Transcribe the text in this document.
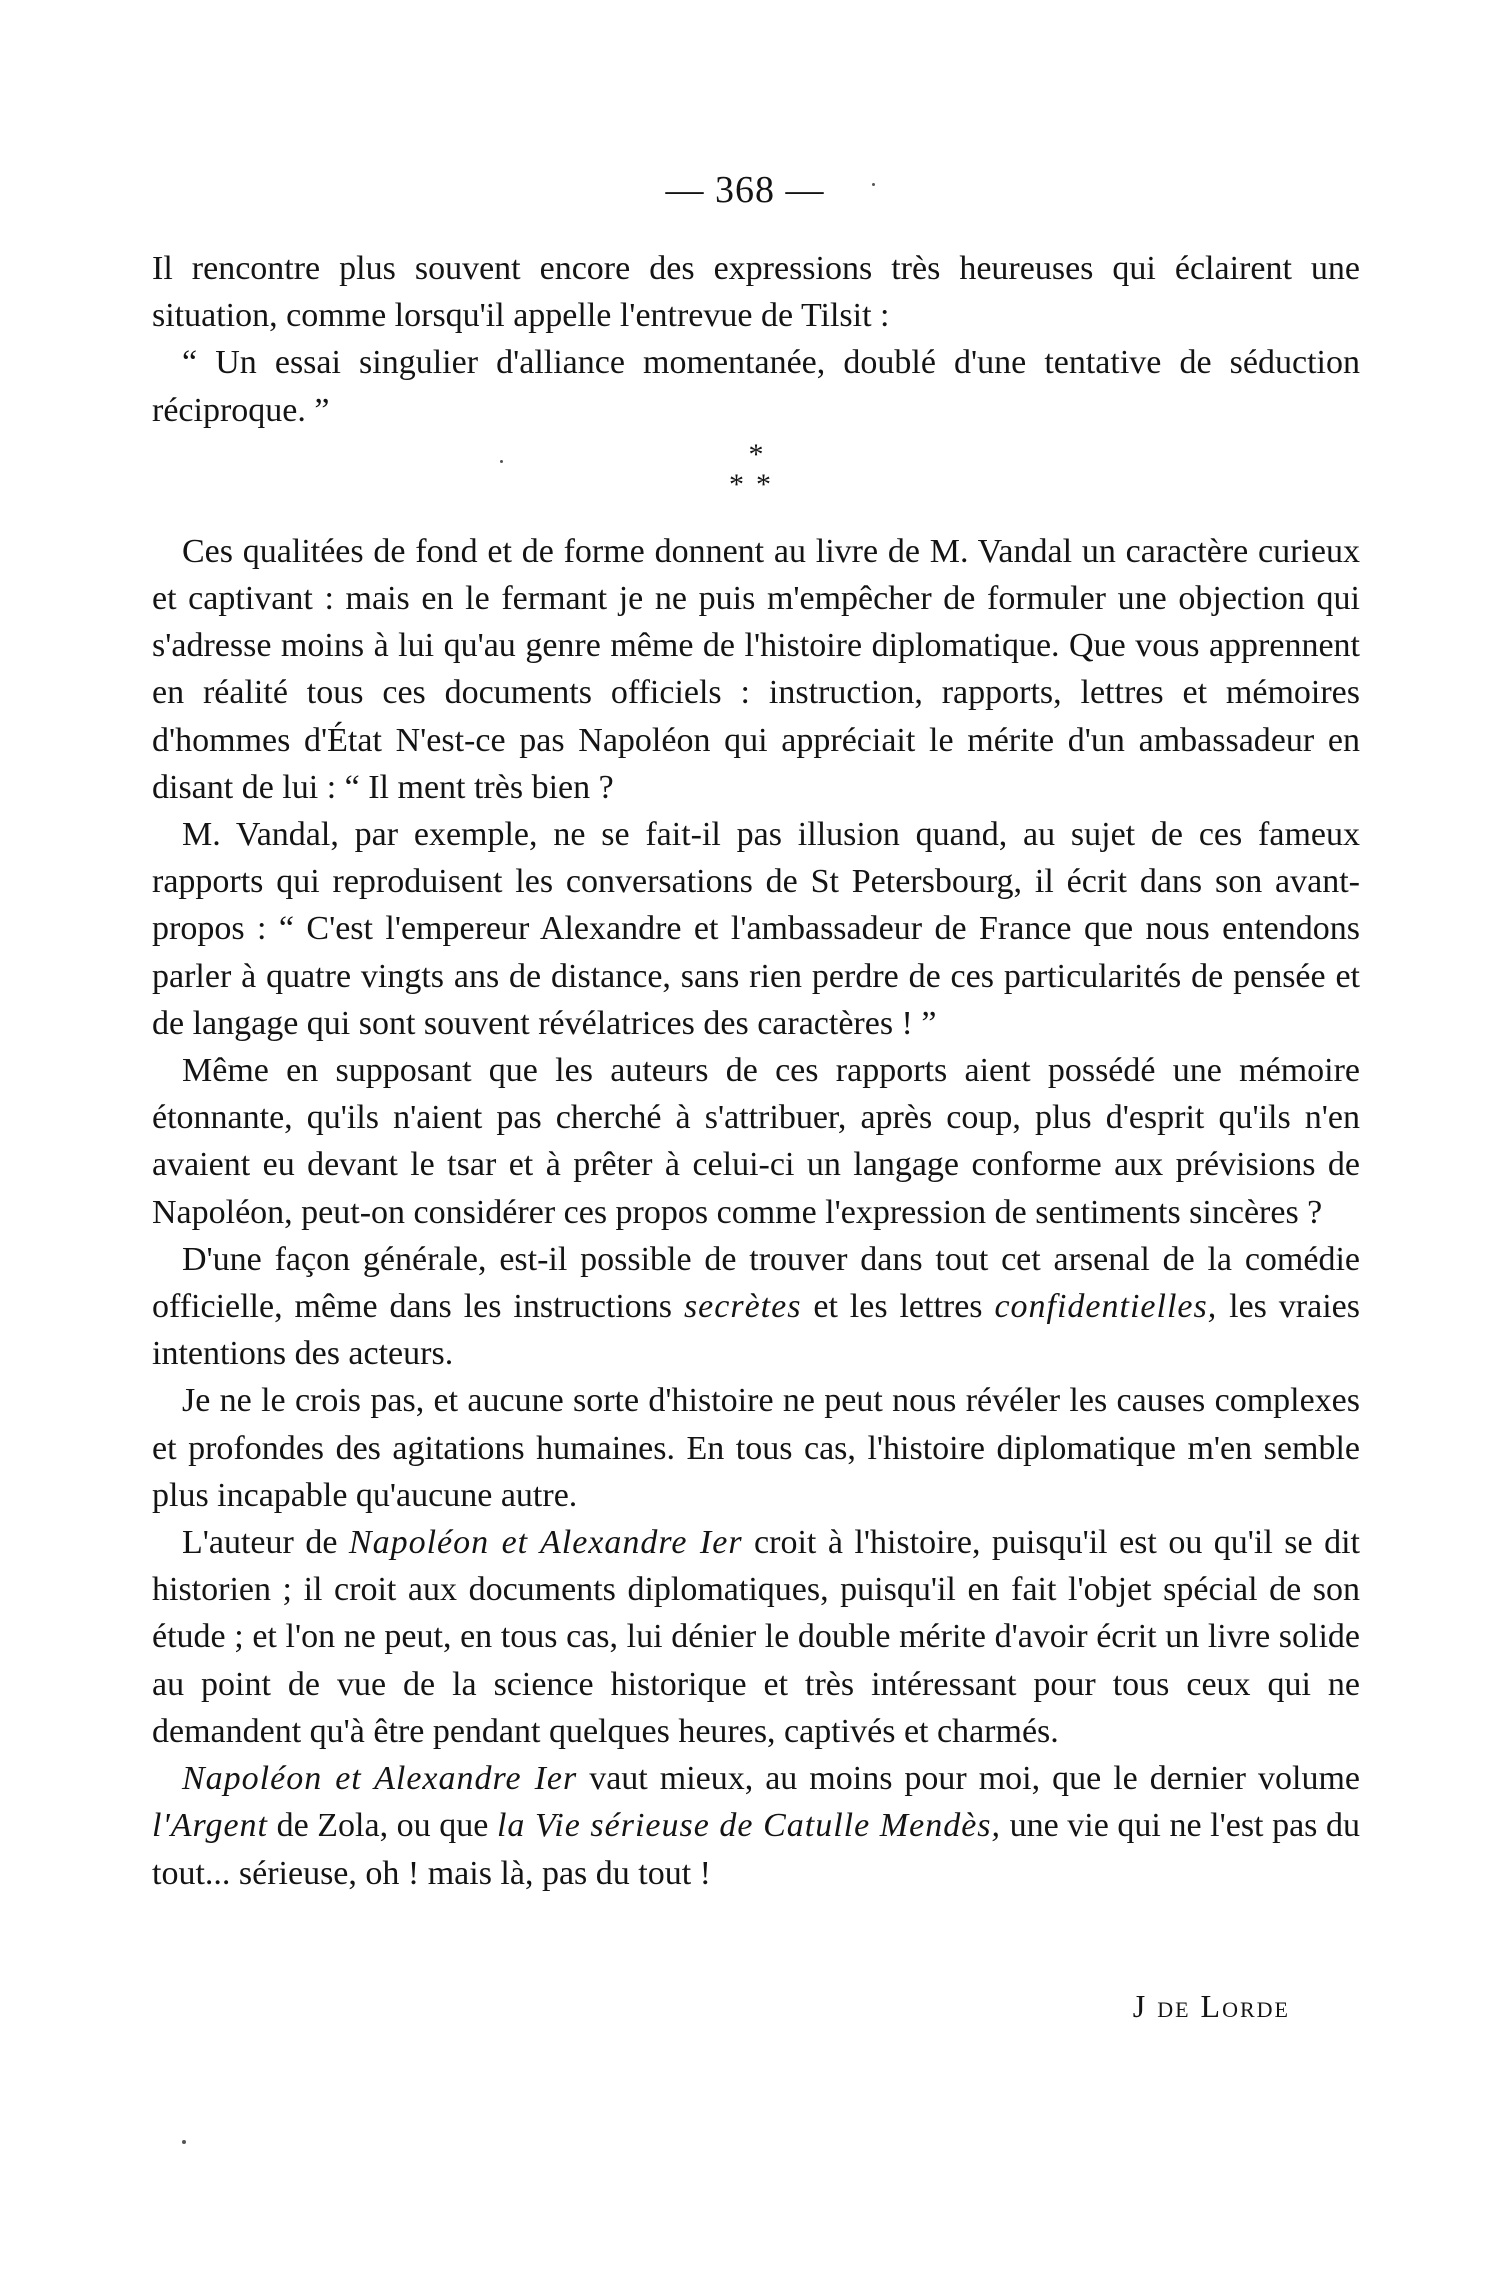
— 368 —

Il rencontre plus souvent encore des expressions très heureuses qui éclairent une situation, comme lorsqu'il appelle l'entrevue de Tilsit :

“ Un essai singulier d'alliance momentanée, doublé d'une tentative de séduction réciproque. ”

*
**

Ces qualitées de fond et de forme donnent au livre de M. Vandal un caractère curieux et captivant : mais en le fermant je ne puis m'empêcher de formuler une objection qui s'adresse moins à lui qu'au genre même de l'histoire diplomatique. Que vous apprennent en réalité tous ces documents officiels : instruction, rapports, lettres et mémoires d'hommes d'État N'est-ce pas Napoléon qui appréciait le mérite d'un ambassadeur en disant de lui : “ Il ment très bien ?

M. Vandal, par exemple, ne se fait-il pas illusion quand, au sujet de ces fameux rapports qui reproduisent les conversations de St Petersbourg, il écrit dans son avant-propos : “ C'est l'empereur Alexandre et l'ambassadeur de France que nous entendons parler à quatre vingts ans de distance, sans rien perdre de ces particularités de pensée et de langage qui sont souvent révélatrices des caractères ! ”

Même en supposant que les auteurs de ces rapports aient possédé une mémoire étonnante, qu'ils n'aient pas cherché à s'attribuer, après coup, plus d'esprit qu'ils n'en avaient eu devant le tsar et à prêter à celui-ci un langage conforme aux prévisions de Napoléon, peut-on considérer ces propos comme l'expression de sentiments sincères ?

D'une façon générale, est-il possible de trouver dans tout cet arsenal de la comédie officielle, même dans les instructions secrètes et les lettres confidentielles, les vraies intentions des acteurs.

Je ne le crois pas, et aucune sorte d'histoire ne peut nous révéler les causes complexes et profondes des agitations humaines. En tous cas, l'histoire diplomatique m'en semble plus incapable qu'aucune autre.

L'auteur de Napoléon et Alexandre Ier croit à l'histoire, puisqu'il est ou qu'il se dit historien ; il croit aux documents diplomatiques, puisqu'il en fait l'objet spécial de son étude ; et l'on ne peut, en tous cas, lui dénier le double mérite d'avoir écrit un livre solide au point de vue de la science historique et très intéressant pour tous ceux qui ne demandent qu'à être pendant quelques heures, captivés et charmés.

Napoléon et Alexandre Ier vaut mieux, au moins pour moi, que le dernier volume l'Argent de Zola, ou que la Vie sérieuse de Catulle Mendès, une vie qui ne l'est pas du tout... sérieuse, oh ! mais là, pas du tout !

J de Lorde
